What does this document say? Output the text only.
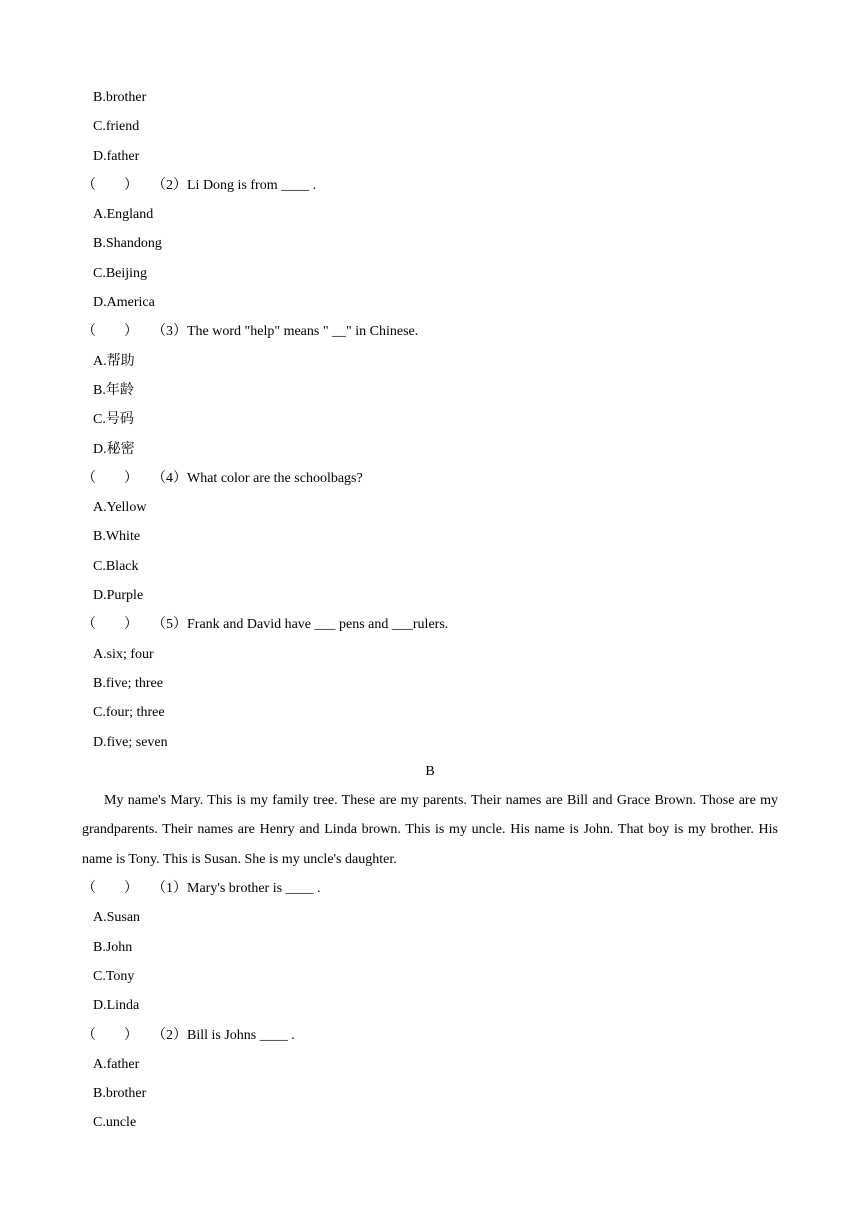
B.brother
C.friend
D.father
（　　） （2）Li Dong is from ____ .
A.England
B.Shandong
C.Beijing
D.America
（　　） （3）The word "help" means " __" in Chinese.
A.帮助
B.年龄
C.号码
D.秘密
（　　） （4）What color are the schoolbags?
A.Yellow
B.White
C.Black
D.Purple
（　　） （5）Frank and David have ___ pens and ___rulers.
A.six; four
B.five; three
C.four; three
D.five; seven
B
My name's Mary. This is my family tree. These are my parents. Their names are Bill and Grace Brown. Those are my grandparents. Their names are Henry and Linda brown. This is my uncle. His name is John. That boy is my brother. His name is Tony. This is Susan. She is my uncle's daughter.
（　　） （1）Mary's brother is ____ .
A.Susan
B.John
C.Tony
D.Linda
（　　） （2）Bill is Johns ____ .
A.father
B.brother
C.uncle
